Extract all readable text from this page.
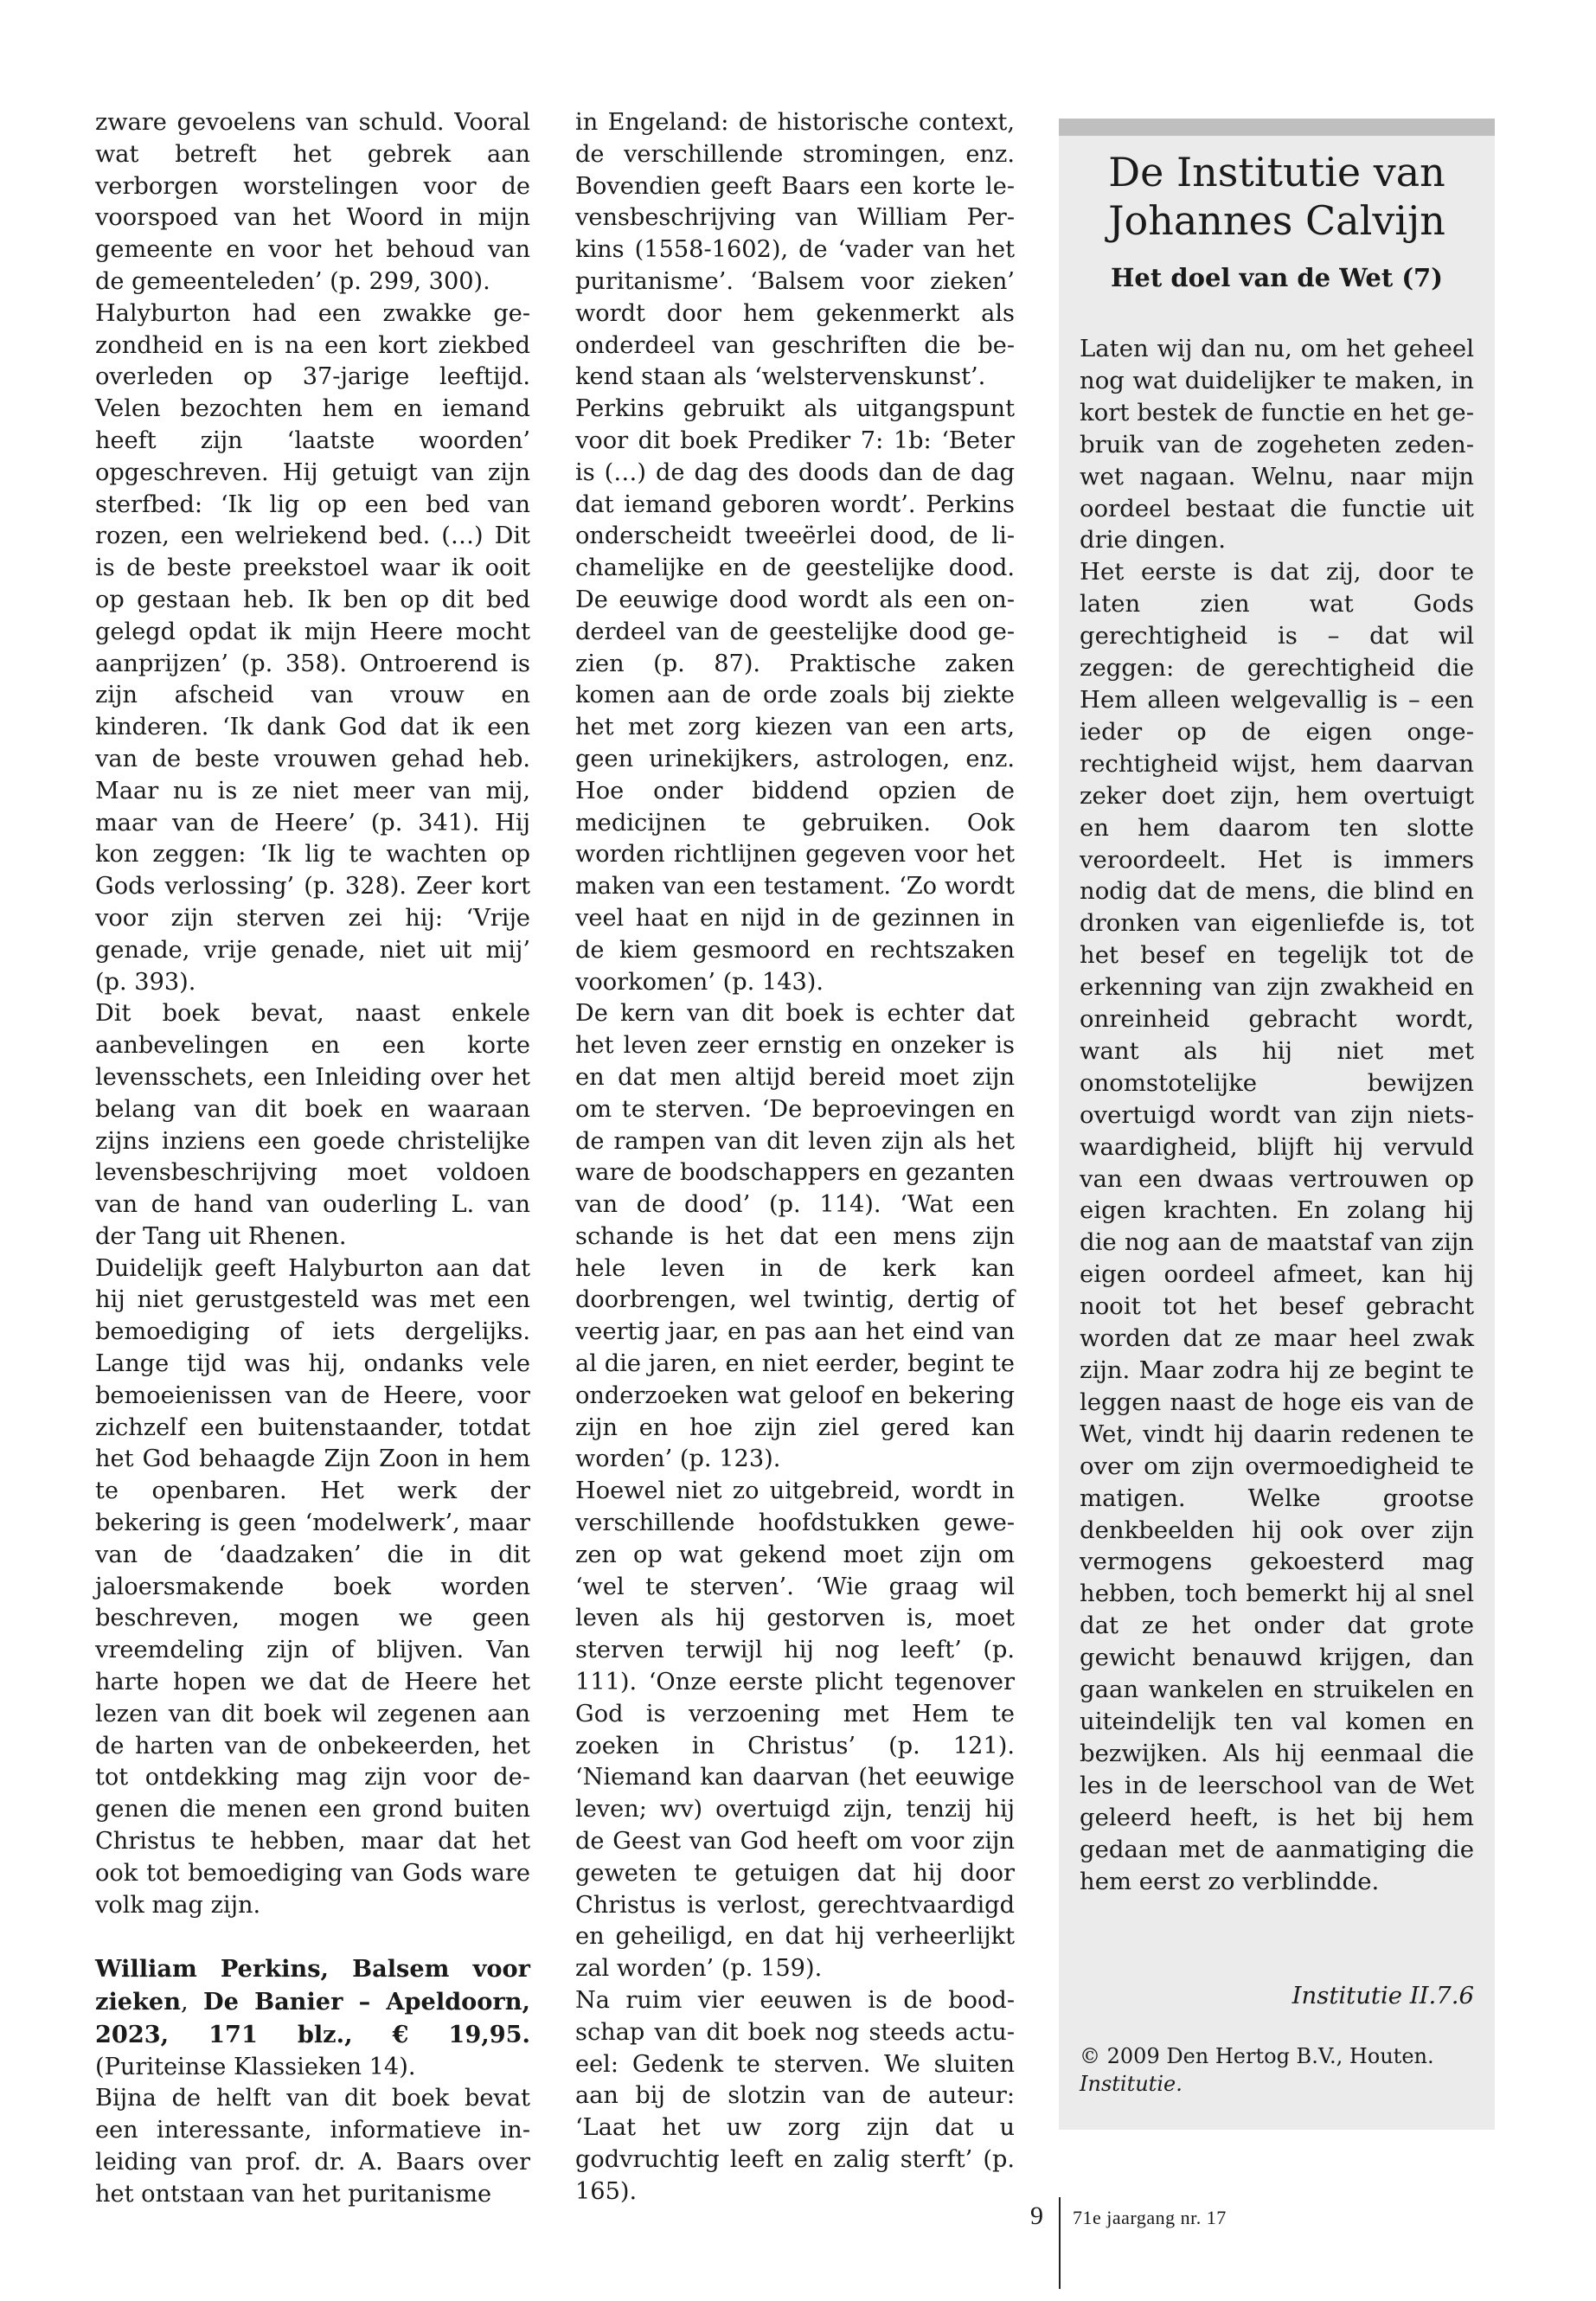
zware gevoelens van schuld. Vooral wat betreft het gebrek aan verborgen worstelingen voor de voorspoed van het Woord in mijn gemeente en voor het behoud van de gemeenteleden’ (p. 299, 300).

Halyburton had een zwakke gezondheid en is na een kort ziekbed overleden op 37-jarige leeftijd. Velen bezochten hem en iemand heeft zijn ‘laatste woorden’ opgeschreven. Hij getuigt van zijn sterfbed: ‘Ik lig op een bed van rozen, een welriekend bed. (…) Dit is de beste preekstoel waar ik ooit op gestaan heb. Ik ben op dit bed gelegd opdat ik mijn Heere mocht aanprijzen’ (p. 358). Ontroerend is zijn afscheid van vrouw en kinderen. ‘Ik dank God dat ik een van de beste vrouwen gehad heb. Maar nu is ze niet meer van mij, maar van de Heere’ (p. 341). Hij kon zeggen: ‘Ik lig te wachten op Gods verlossing’ (p. 328). Zeer kort voor zijn sterven zei hij: ‘Vrije genade, vrije genade, niet uit mij’ (p. 393).

Dit boek bevat, naast enkele aanbevelingen en een korte levensschets, een Inleiding over het belang van dit boek en waaraan zijns inziens een goede christelijke levensbeschrijving moet voldoen van de hand van ouderling L. van der Tang uit Rhenen.

Duidelijk geeft Halyburton aan dat hij niet gerustgesteld was met een bemoediging of iets dergelijks. Lange tijd was hij, ondanks vele bemoeienissen van de Heere, voor zichzelf een buitenstaander, totdat het God behaagde Zijn Zoon in hem te openbaren. Het werk der bekering is geen ‘modelwerk’, maar van de ‘daadzaken’ die in dit jaloersmakende boek worden beschreven, mogen we geen vreemdeling zijn of blijven. Van harte hopen we dat de Heere het lezen van dit boek wil zegenen aan de harten van de onbekeerden, het tot ontdekking mag zijn voor degenen die menen een grond buiten Christus te hebben, maar dat het ook tot bemoediging van Gods ware volk mag zijn.

William Perkins, Balsem voor zieken, De Banier – Apeldoorn, 2023, 171 blz., € 19,95. (Puriteinse Klassieken 14).

Bijna de helft van dit boek bevat een interessante, informatieve inleiding van prof. dr. A. Baars over het ontstaan van het puritanisme

in Engeland: de historische context, de verschillende stromingen, enz. Bovendien geeft Baars een korte levensbeschrijving van William Perkins (1558-1602), de ‘vader van het puritanisme’. ‘Balsem voor zieken’ wordt door hem gekenmerkt als onderdeel van geschriften die bekend staan als ‘welstervenskunst’.

Perkins gebruikt als uitgangspunt voor dit boek Prediker 7: 1b: ‘Beter is (…) de dag des doods dan de dag dat iemand geboren wordt’. Perkins onderscheidt tweeërlei dood, de lichamelijke en de geestelijke dood. De eeuwige dood wordt als een onderdeel van de geestelijke dood gezien (p. 87). Praktische zaken komen aan de orde zoals bij ziekte het met zorg kiezen van een arts, geen urinekijkers, astrologen, enz. Hoe onder biddend opzien de medicijnen te gebruiken. Ook worden richtlijnen gegeven voor het maken van een testament. ‘Zo wordt veel haat en nijd in de gezinnen in de kiem gesmoord en rechtszaken voorkomen’ (p. 143).

De kern van dit boek is echter dat het leven zeer ernstig en onzeker is en dat men altijd bereid moet zijn om te sterven. ‘De beproevingen en de rampen van dit leven zijn als het ware de boodschappers en gezanten van de dood’ (p. 114). ‘Wat een schande is het dat een mens zijn hele leven in de kerk kan doorbrengen, wel twintig, dertig of veertig jaar, en pas aan het eind van al die jaren, en niet eerder, begint te onderzoeken wat geloof en bekering zijn en hoe zijn ziel gered kan worden’ (p. 123).

Hoewel niet zo uitgebreid, wordt in verschillende hoofdstukken gewezen op wat gekend moet zijn om ‘wel te sterven’. ‘Wie graag wil leven als hij gestorven is, moet sterven terwijl hij nog leeft’ (p. 111). ‘Onze eerste plicht tegenover God is verzoening met Hem te zoeken in Christus’ (p. 121). ‘Niemand kan daarvan (het eeuwige leven; wv) overtuigd zijn, tenzij hij de Geest van God heeft om voor zijn geweten te getuigen dat hij door Christus is verlost, gerechtvaardigd en geheiligd, en dat hij verheerlijkt zal worden’ (p. 159).

Na ruim vier eeuwen is de boodschap van dit boek nog steeds actueel: Gedenk te sterven. We sluiten aan bij de slotzin van de auteur: ‘Laat het uw zorg zijn dat u godvruchtig leeft en zalig sterft’ (p. 165).

De Institutie van
Johannes Calvijn
Het doel van de Wet (7)

Laten wij dan nu, om het geheel nog wat duidelijker te maken, in kort bestek de functie en het gebruik van de zogeheten zedenwet nagaan. Welnu, naar mijn oordeel bestaat die functie uit drie dingen.

Het eerste is dat zij, door te laten zien wat Gods gerechtigheid is – dat wil zeggen: de gerechtigheid die Hem alleen welgevallig is – een ieder op de eigen ongerechtigheid wijst, hem daarvan zeker doet zijn, hem overtuigt en hem daarom ten slotte veroordeelt. Het is immers nodig dat de mens, die blind en dronken van eigenliefde is, tot het besef en tegelijk tot de erkenning van zijn zwakheid en onreinheid gebracht wordt, want als hij niet met onomstotelijke bewijzen overtuigd wordt van zijn nietswaardigheid, blijft hij vervuld van een dwaas vertrouwen op eigen krachten. En zolang hij die nog aan de maatstaf van zijn eigen oordeel afmeet, kan hij nooit tot het besef gebracht worden dat ze maar heel zwak zijn. Maar zodra hij ze begint te leggen naast de hoge eis van de Wet, vindt hij daarin redenen te over om zijn overmoedigheid te matigen. Welke grootse denkbeelden hij ook over zijn vermogens gekoesterd mag hebben, toch bemerkt hij al snel dat ze het onder dat grote gewicht benauwd krijgen, dan gaan wankelen en struikelen en uiteindelijk ten val komen en bezwijken. Als hij eenmaal die les in de leerschool van de Wet geleerd heeft, is het bij hem gedaan met de aanmatiging die hem eerst zo verblindde.

Institutie II.7.6
© 2009 Den Hertog B.V., Houten.
Institutie.
9 71e jaargang nr. 17
